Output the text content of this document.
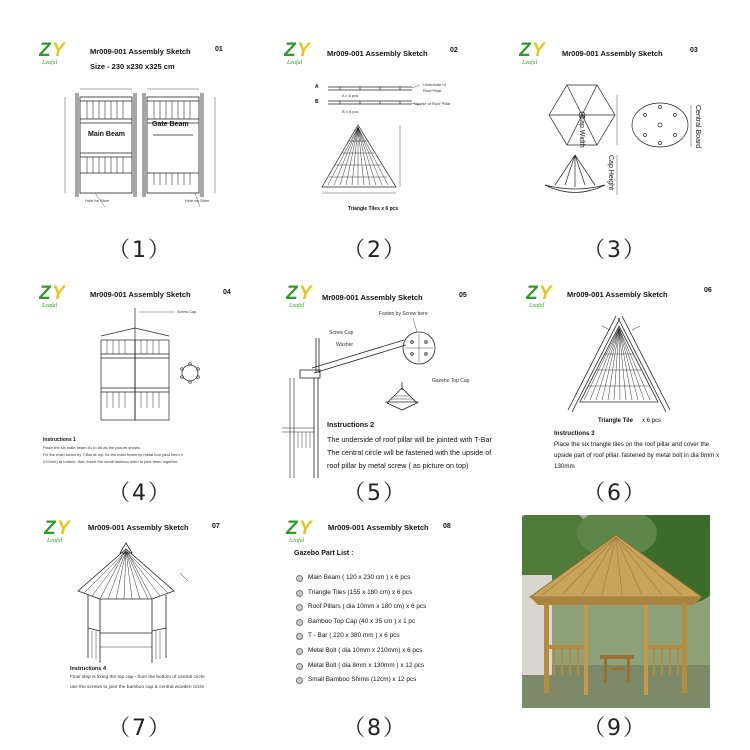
Z Y
Leafal
Mr009-001 Assembly Sketch	01
Size - 230 x230 x325 cm
Main Beam
Gate Beam
Hole for Shim	Hole for Shim
（1）
Z Y
Leafal
Mr009-001 Assembly Sketch	02
A
B
A x 6 pcs
B x 6 pcs
Underside of
Roof Pillar
Upside of Roof Pillar
Triangle Tiles x 6 pcs
（2）
Z Y
Leafal
Mr009-001 Assembly Sketch	03
Cap Width
Cap Height
Central Board
（3）
Z Y
Leafal
Mr009-001 Assembly Sketch	04
Screw Cap
Instructions 1
Place the six main beam #1 to #6 as the picture shows.
Fix the main beam by T-Bar at top. fix the main beam by metal bolt (dia10mm x
210mm) at bottom. then insert the small bamboo shim to joint them together.
（4）
Z Y
Leafal
Mr009-001 Assembly Sketch	05
Fasten by Screw here
Screw Cap
Washer
Gazebo Top Cap
Instructions 2
The underside of roof pillar will be jointed with T-Bar
The central circle will be fastened with the upside of
roof pillar by metal screw ( as picture on top)
（5）
Z Y
Leafal
Mr009-001 Assembly Sketch	06
Triangle Tile x 6 pcs
Instructions 3
Place the six triangle tiles on the roof pillar and cover the
upside part of roof pillar. fastened by metal bolt in dia 8mm x
130mm
（6）
Z Y
Leafal
Mr009-001 Assembly Sketch	07
Instructions 4
Final step is fixing the top cap - from the bottom of central circle
use the screws to joint the bamboo cap & central wooden circle
（7）
Z Y
Leafal
Mr009-001 Assembly Sketch 08
Gazebo Part List :
Main Beam ( 120 x 230 cm ) x 6 pcs
Triangle Tiles (155 x 180 cm) x 6 pcs
Roof Pillars ( dia 10mm x 180 cm) x 6 pcs
Bamboo Top Cap (40 x 35 cm ) x 1 pc
T - Bar ( 220 x 380 mm ) x 6 pcs
Metal Bolt ( dia 10mm x 210mm) x 6 pcs
Metal Bolt ( dia 8mm x 130mm ) x 12 pcs
Small Bamboo Shims (12cm) x 12 pcs
（8）	（9）
